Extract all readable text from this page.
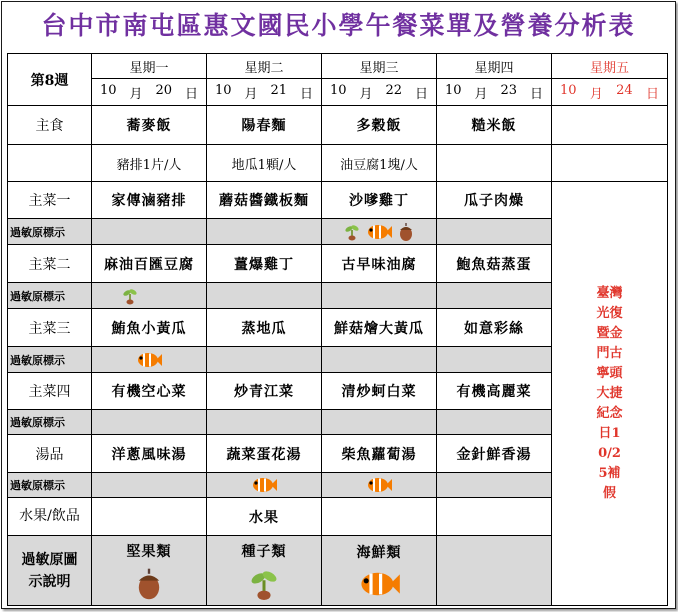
台中市南屯區惠文國民小學午餐菜單及營養分析表
第8週	星期一	星期二	星期三	星期四	星期五

	10 月 20 日	10 月 21 日	10 月 22 日	10 月 23 日	10 月 24 日

主食	蕎麥飯	陽春麵	多穀飯	糙米飯	
	豬排1片/人	地瓜1顆/人	油豆腐1塊/人		
主菜一	家傳滷豬排	蘑菇醬鐵板麵	沙嗲雞丁	瓜子肉燥	臺灣光復暨金門古寧頭大捷紀念日10/25補假

過敏原標示			

主菜二	麻油百匯豆腐	薑爆雞丁	古早味油腐	鮑魚菇蒸蛋	
過敏原標示	

主菜三	鮪魚小黃瓜	蒸地瓜	鮮菇燴大黃瓜	如意彩絲	
過敏原標示	

主菜四	有機空心菜	炒青江菜	清炒蚵白菜	有機高麗菜	
過敏原標示					
湯品	洋蔥風味湯	蔬菜蛋花湯	柴魚蘿蔔湯	金針鮮香湯	
過敏原標示		

水果/飲品		水果			

過敏原圖示說明	堅果類	種子類	海鮮類		
